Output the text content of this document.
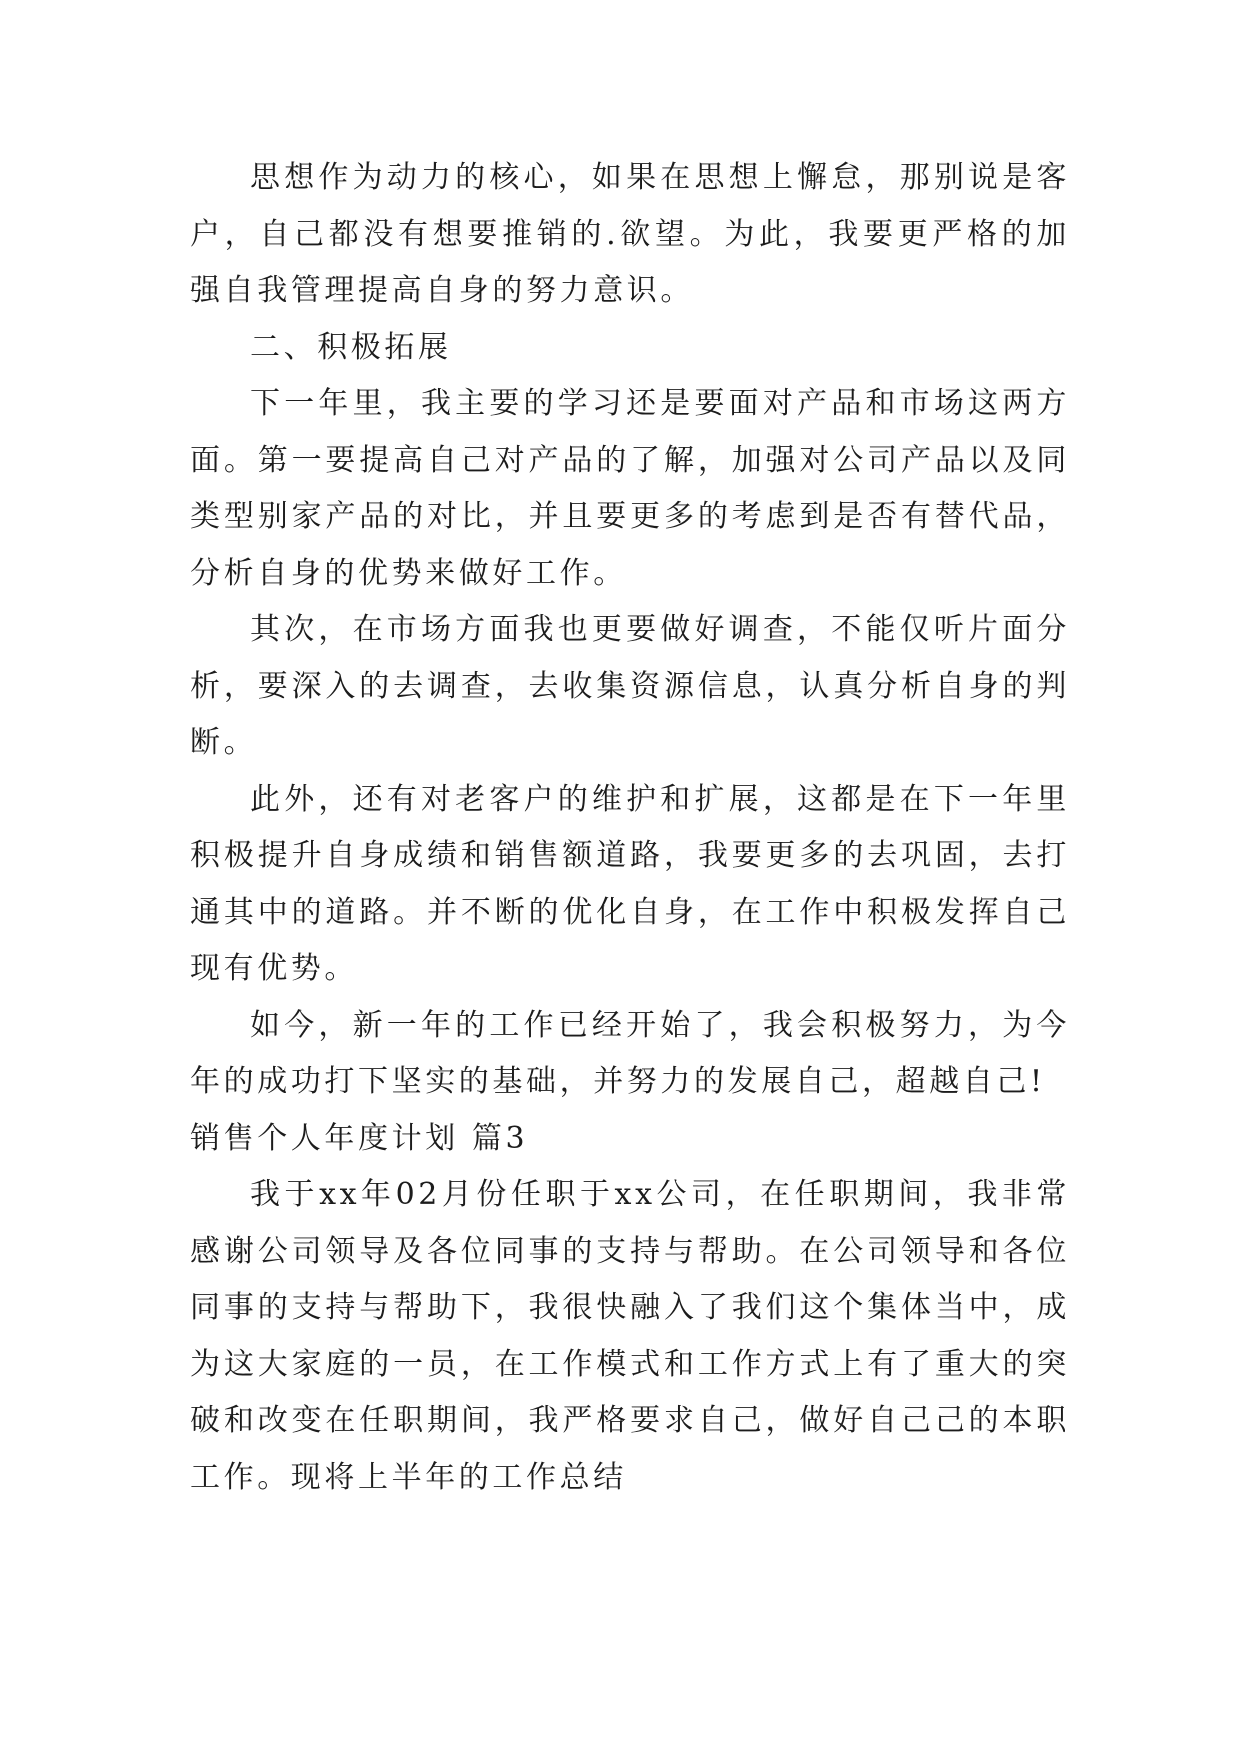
思想作为动力的核心，如果在思想上懈怠，那别说是客户，自己都没有想要推销的.欲望。为此，我要更严格的加强自我管理提高自身的努力意识。

二、积极拓展

下一年里，我主要的学习还是要面对产品和市场这两方面。第一要提高自己对产品的了解，加强对公司产品以及同类型别家产品的对比，并且要更多的考虑到是否有替代品，分析自身的优势来做好工作。

其次，在市场方面我也更要做好调查，不能仅听片面分析，要深入的去调查，去收集资源信息，认真分析自身的判断。

此外，还有对老客户的维护和扩展，这都是在下一年里积极提升自身成绩和销售额道路，我要更多的去巩固，去打通其中的道路。并不断的优化自身，在工作中积极发挥自己现有优势。

如今，新一年的工作已经开始了，我会积极努力，为今年的成功打下坚实的基础，并努力的发展自己，超越自己!

销售个人年度计划 篇3

我于xx年02月份任职于xx公司，在任职期间，我非常感谢公司领导及各位同事的支持与帮助。在公司领导和各位同事的支持与帮助下，我很快融入了我们这个集体当中，成为这大家庭的一员，在工作模式和工作方式上有了重大的突破和改变在任职期间，我严格要求自己，做好自己己的本职工作。现将上半年的工作总结
